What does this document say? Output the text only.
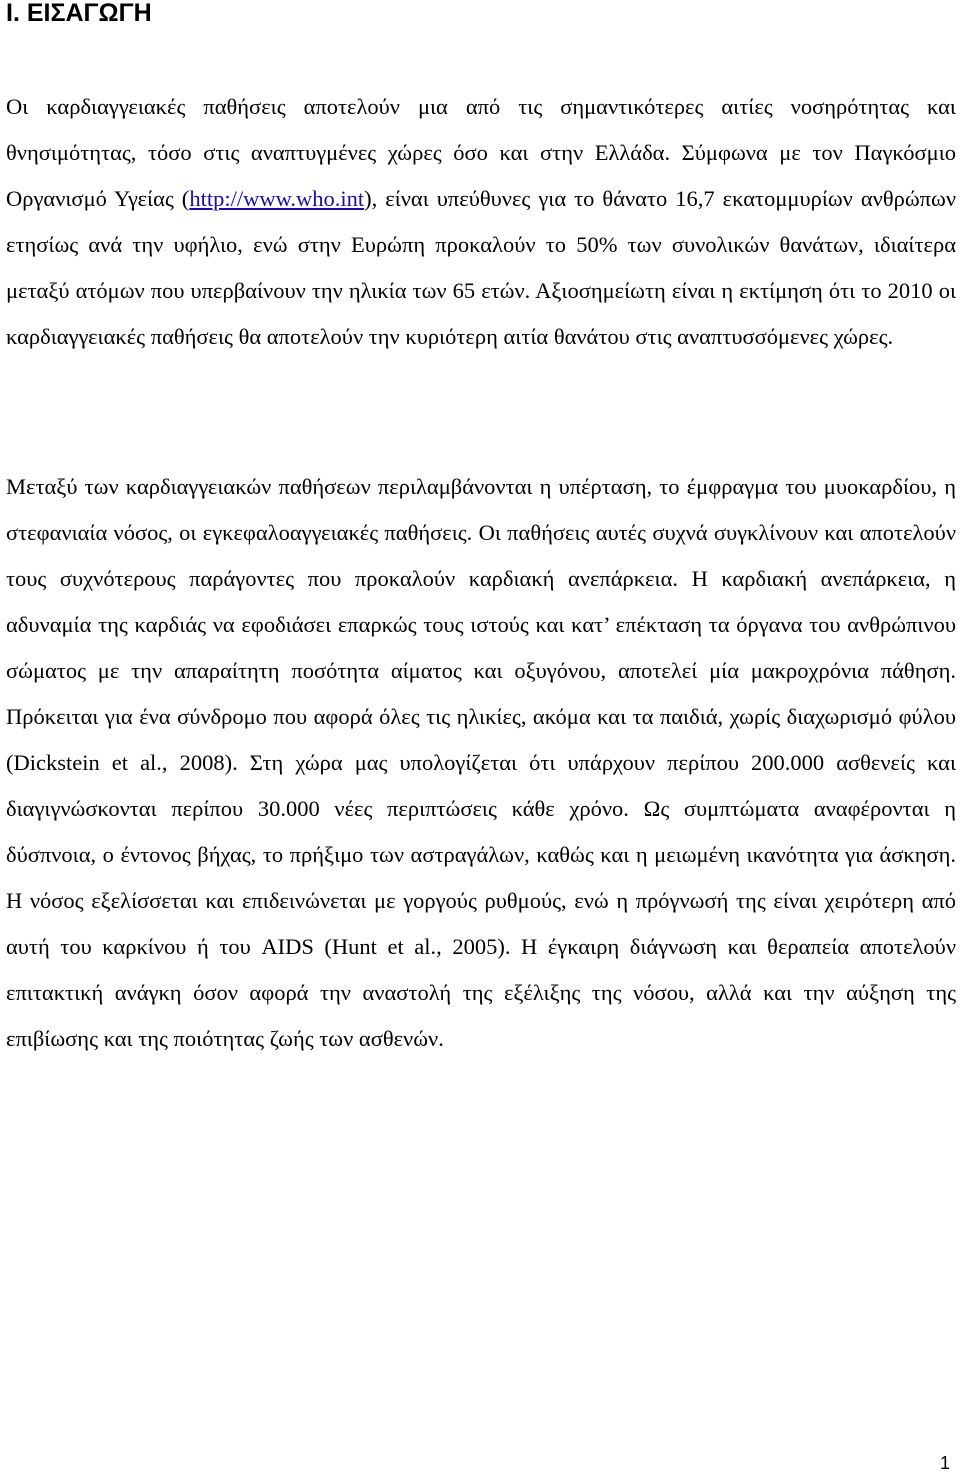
I. ΕΙΣΑΓΩΓΗ

Οι καρδιαγγειακές παθήσεις αποτελούν μια από τις σημαντικότερες αιτίες νοσηρότητας και θνησιμότητας, τόσο στις αναπτυγμένες χώρες όσο και στην Ελλάδα. Σύμφωνα με τον Παγκόσμιο Οργανισμό Υγείας (http://www.who.int), είναι υπεύθυνες για το θάνατο 16,7 εκατομμυρίων ανθρώπων ετησίως ανά την υφήλιο, ενώ στην Ευρώπη προκαλούν το 50% των συνολικών θανάτων, ιδιαίτερα μεταξύ ατόμων που υπερβαίνουν την ηλικία των 65 ετών. Αξιοσημείωτη είναι η εκτίμηση ότι το 2010 οι καρδιαγγειακές παθήσεις θα αποτελούν την κυριότερη αιτία θανάτου στις αναπτυσσόμενες χώρες.

Μεταξύ των καρδιαγγειακών παθήσεων περιλαμβάνονται η υπέρταση, το έμφραγμα του μυοκαρδίου, η στεφανιαία νόσος, οι εγκεφαλοαγγειακές παθήσεις. Οι παθήσεις αυτές συχνά συγκλίνουν και αποτελούν τους συχνότερους παράγοντες που προκαλούν καρδιακή ανεπάρκεια. Η καρδιακή ανεπάρκεια, η αδυναμία της καρδιάς να εφοδιάσει επαρκώς τους ιστούς και κατ’ επέκταση τα όργανα του ανθρώπινου σώματος με την απαραίτητη ποσότητα αίματος και οξυγόνου, αποτελεί μία μακροχρόνια πάθηση. Πρόκειται για ένα σύνδρομο που αφορά όλες τις ηλικίες, ακόμα και τα παιδιά, χωρίς διαχωρισμό φύλου (Dickstein et al., 2008). Στη χώρα μας υπολογίζεται ότι υπάρχουν περίπου 200.000 ασθενείς και διαγιγνώσκονται περίπου 30.000 νέες περιπτώσεις κάθε χρόνο. Ως συμπτώματα αναφέρονται η δύσπνοια, ο έντονος βήχας, το πρήξιμο των αστραγάλων, καθώς και η μειωμένη ικανότητα για άσκηση. Η νόσος εξελίσσεται και επιδεινώνεται με γοργούς ρυθμούς, ενώ η πρόγνωσή της είναι χειρότερη από αυτή του καρκίνου ή του AIDS (Hunt et al., 2005). Η έγκαιρη διάγνωση και θεραπεία αποτελούν επιτακτική ανάγκη όσον αφορά την αναστολή της εξέλιξης της νόσου, αλλά και την αύξηση της επιβίωσης και της ποιότητας ζωής των ασθενών.

1
